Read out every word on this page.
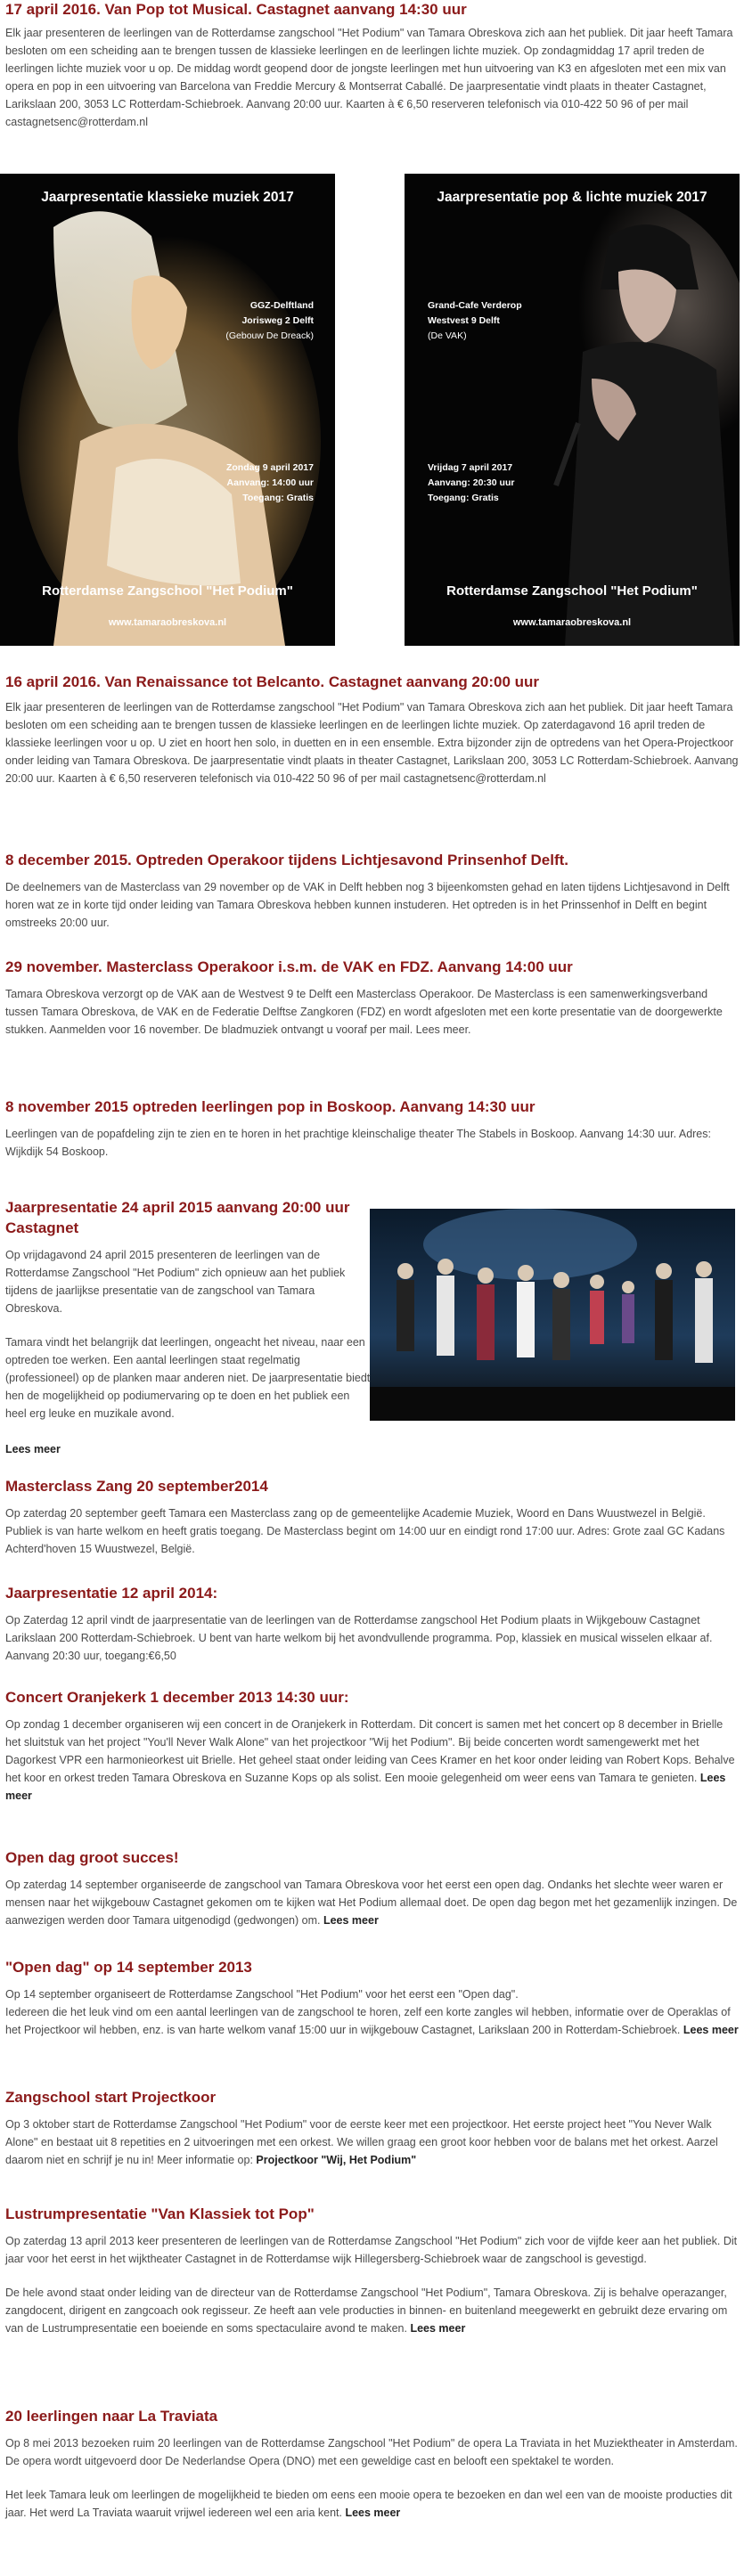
17 april 2016. Van Pop tot Musical. Castagnet aanvang 14:30 uur

Elk jaar presenteren de leerlingen van de Rotterdamse zangschool "Het Podium" van Tamara Obreskova zich aan het publiek. Dit jaar heeft Tamara besloten om een scheiding aan te brengen tussen de klassieke leerlingen en de leerlingen lichte muziek. Op zondagmiddag 17 april treden de leerlingen lichte muziek voor u op. De middag wordt geopend door de jongste leerlingen met hun uitvoering van K3 en afgesloten met een mix van opera en pop in een uitvoering van Barcelona van Freddie Mercury & Montserrat Caballé. De jaarpresentatie vindt plaats in theater Castagnet, Larikslaan 200, 3053 LC Rotterdam-Schiebroek. Aanvang 20:00 uur. Kaarten à € 6,50 reserveren telefonisch via 010-422 50 96 of per mail castagnetsenc@rotterdam.nl

Jaarpresentatie klassieke muziek 2017
GGZ-Delftland
Jorisweg 2 Delft
(Gebouw De Dreack)
Zondag 9 april 2017
Aanvang: 14:00 uur
Toegang: Gratis
Rotterdamse Zangschool "Het Podium"
www.tamaraobreskova.nl
Jaarpresentatie pop & lichte muziek 2017
Grand-Cafe Verderop
Westvest 9 Delft
(De VAK)
Vrijdag 7 april 2017
Aanvang: 20:30 uur
Toegang: Gratis
Rotterdamse Zangschool "Het Podium"
www.tamaraobreskova.nl
16 april 2016. Van Renaissance tot Belcanto. Castagnet aanvang 20:00 uur

Elk jaar presenteren de leerlingen van de Rotterdamse zangschool "Het Podium" van Tamara Obreskova zich aan het publiek. Dit jaar heeft Tamara besloten om een scheiding aan te brengen tussen de klassieke leerlingen en de leerlingen lichte muziek. Op zaterdagavond 16 april treden de klassieke leerlingen voor u op. U ziet en hoort hen solo, in duetten en in een ensemble. Extra bijzonder zijn de optredens van het Opera-Projectkoor onder leiding van Tamara Obreskova. De jaarpresentatie vindt plaats in theater Castagnet, Larikslaan 200, 3053 LC Rotterdam-Schiebroek. Aanvang 20:00 uur. Kaarten à € 6,50 reserveren telefonisch via 010-422 50 96 of per mail castagnetsenc@rotterdam.nl

8 december 2015. Optreden Operakoor tijdens Lichtjesavond Prinsenhof Delft.

De deelnemers van de Masterclass van 29 november op de VAK in Delft hebben nog 3 bijeenkomsten gehad en laten tijdens Lichtjesavond in Delft horen wat ze in korte tijd onder leiding van Tamara Obreskova hebben kunnen instuderen. Het optreden is in het Prinssenhof in Delft en begint omstreeks 20:00 uur.

29 november. Masterclass Operakoor i.s.m. de VAK en FDZ. Aanvang 14:00 uur

Tamara Obreskova verzorgt op de VAK aan de Westvest 9 te Delft een Masterclass Operakoor. De Masterclass is een samenwerkingsverband tussen Tamara Obreskova, de VAK en de Federatie Delftse Zangkoren (FDZ) en wordt afgesloten met een korte presentatie van de doorgewerkte stukken. Aanmelden voor 16 november. De bladmuziek ontvangt u vooraf per mail. Lees meer.

8 november 2015 optreden leerlingen pop in Boskoop. Aanvang 14:30 uur

Leerlingen van de popafdeling zijn te zien en te horen in het prachtige kleinschalige theater The Stabels in Boskoop. Aanvang 14:30 uur. Adres: Wijkdijk 54 Boskoop.

Jaarpresentatie 24 april 2015 aanvang 20:00 uur Castagnet

Op vrijdagavond 24 april 2015 presenteren de leerlingen van de Rotterdamse Zangschool "Het Podium" zich opnieuw aan het publiek tijdens de jaarlijkse presentatie van de zangschool van Tamara Obreskova.

Tamara vindt het belangrijk dat leerlingen, ongeacht het niveau, naar een optreden toe werken. Een aantal leerlingen staat regelmatig (professioneel) op de planken maar anderen niet. De jaarpresentatie biedt hen de mogelijkheid op podiumervaring op te doen en het publiek een heel erg leuke en muzikale avond.

Lees meer

Masterclass Zang 20 september2014

Op zaterdag 20 september geeft Tamara een Masterclass zang op de gemeentelijke Academie Muziek, Woord en Dans Wuustwezel in België. Publiek is van harte welkom en heeft gratis toegang. De Masterclass begint om 14:00 uur en eindigt rond 17:00 uur. Adres: Grote zaal GC Kadans Achterd'hoven 15 Wuustwezel, België.

Jaarpresentatie 12 april 2014:

Op Zaterdag 12 april vindt de jaarpresentatie van de leerlingen van de Rotterdamse zangschool Het Podium plaats in Wijkgebouw Castagnet Larikslaan 200 Rotterdam-Schiebroek. U bent van harte welkom bij het avondvullende programma. Pop, klassiek en musical wisselen elkaar af. Aanvang 20:30 uur, toegang:€6,50

Concert Oranjekerk 1 december 2013 14:30 uur:

Op zondag 1 december organiseren wij een concert in de Oranjekerk in Rotterdam. Dit concert is samen met het concert op 8 december in Brielle het sluitstuk van het project "You'll Never Walk Alone" van het projectkoor "Wij het Podium". Bij beide concerten wordt samengewerkt met het Dagorkest VPR een harmonieorkest uit Brielle. Het geheel staat onder leiding van Cees Kramer en het koor onder leiding van Robert Kops. Behalve het koor en orkest treden Tamara Obreskova en Suzanne Kops op als solist. Een mooie gelegenheid om weer eens van Tamara te genieten. Lees meer

Open dag groot succes!

Op zaterdag 14 september organiseerde de zangschool van Tamara Obreskova voor het eerst een open dag. Ondanks het slechte weer waren er mensen naar het wijkgebouw Castagnet gekomen om te kijken wat Het Podium allemaal doet. De open dag begon met het gezamenlijk inzingen. De aanwezigen werden door Tamara uitgenodigd (gedwongen) om. Lees meer

"Open dag" op 14 september 2013

Op 14 september organiseert de Rotterdamse Zangschool "Het Podium" voor het eerst een "Open dag".

Iedereen die het leuk vind om een aantal leerlingen van de zangschool te horen, zelf een korte zangles wil hebben, informatie over de Operaklas of het Projectkoor wil hebben, enz. is van harte welkom vanaf 15:00 uur in wijkgebouw Castagnet, Larikslaan 200 in Rotterdam-Schiebroek. Lees meer

Zangschool start Projectkoor

Op 3 oktober start de Rotterdamse Zangschool "Het Podium" voor de eerste keer met een projectkoor. Het eerste project heet "You Never Walk Alone" en bestaat uit 8 repetities en 2 uitvoeringen met een orkest. We willen graag een groot koor hebben voor de balans met het orkest. Aarzel daarom niet en schrijf je nu in! Meer informatie op: Projectkoor "Wij, Het Podium"

Lustrumpresentatie "Van Klassiek tot Pop"

Op zaterdag 13 april 2013 keer presenteren de leerlingen van de Rotterdamse Zangschool "Het Podium" zich voor de vijfde keer aan het publiek. Dit jaar voor het eerst in het wijktheater Castagnet in de Rotterdamse wijk Hillegersberg-Schiebroek waar de zangschool is gevestigd.

De hele avond staat onder leiding van de directeur van de Rotterdamse Zangschool "Het Podium", Tamara Obreskova. Zij is behalve operazanger, zangdocent, dirigent en zangcoach ook regisseur. Ze heeft aan vele producties in binnen- en buitenland meegewerkt en gebruikt deze ervaring om van de Lustrumpresentatie een boeiende en soms spectaculaire avond te maken. Lees meer

20 leerlingen naar La Traviata

Op 8 mei 2013 bezoeken ruim 20 leerlingen van de Rotterdamse Zangschool "Het Podium" de opera La Traviata in het Muziektheater in Amsterdam. De opera wordt uitgevoerd door De Nederlandse Opera (DNO) met een geweldige cast en belooft een spektakel te worden.

Het leek Tamara leuk om leerlingen de mogelijkheid te bieden om eens een mooie opera te bezoeken en dan wel een van de mooiste producties dit jaar. Het werd La Traviata waaruit vrijwel iedereen wel een aria kent. Lees meer
